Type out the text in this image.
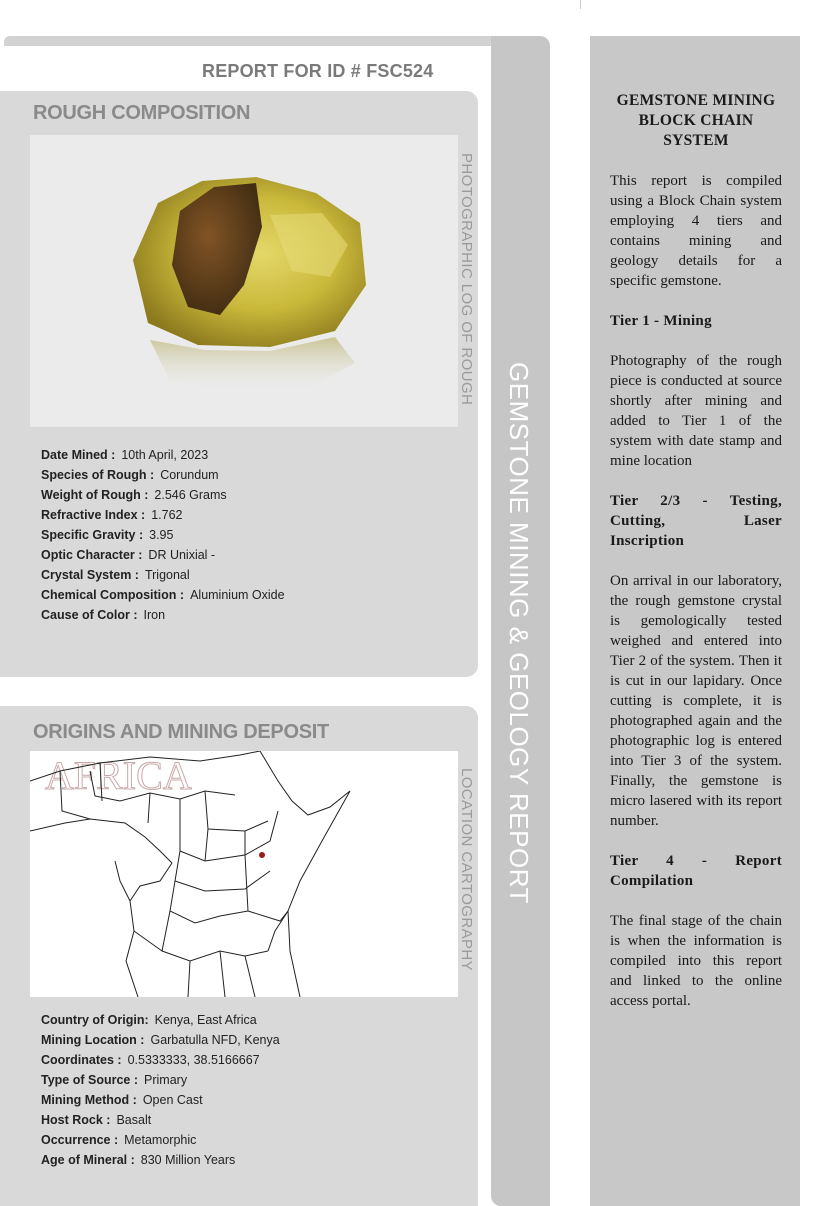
REPORT FOR ID # FSC524
ROUGH COMPOSITION
PHOTOGRAPHIC LOG OF ROUGH
Date Mined : 10th April, 2023
Species of Rough : Corundum
Weight of Rough : 2.546 Grams
Refractive Index : 1.762
Specific Gravity : 3.95
Optic Character : DR Unixial -
Crystal System : Trigonal
Chemical Composition : Aluminium Oxide
Cause of Color : Iron
ORIGINS AND MINING DEPOSIT
AFRICA	LOCATION CARTOGRAPHY
Country of Origin: Kenya, East Africa
Mining Location : Garbatulla NFD, Kenya
Coordinates : 0.5333333, 38.5166667
Type of Source : Primary
Mining Method : Open Cast
Host Rock : Basalt
Occurrence : Metamorphic
Age of Mineral : 830 Million Years
GEMSTONE MINING & GEOLOGY REPORT
GEMSTONE MINING BLOCK CHAIN SYSTEM

This report is compiled using a Block Chain system employing 4 tiers and contains mining and geology details for a specific gemstone.

Tier 1 - Mining

Photography of the rough piece is conducted at source shortly after mining and added to Tier 1 of the system with date stamp and mine location

Tier 2/3 - Testing, Cutting, Laser Inscription

On arrival in our laboratory, the rough gemstone crystal is gemologically tested weighed and entered into Tier 2 of the system. Then it is cut in our lapidary. Once cutting is complete, it is photographed again and the photographic log is entered into Tier 3 of the system. Finally, the gemstone is micro lasered with its report number.

Tier 4 - Report Compilation

The final stage of the chain is when the information is compiled into this report and linked to the online access portal.
